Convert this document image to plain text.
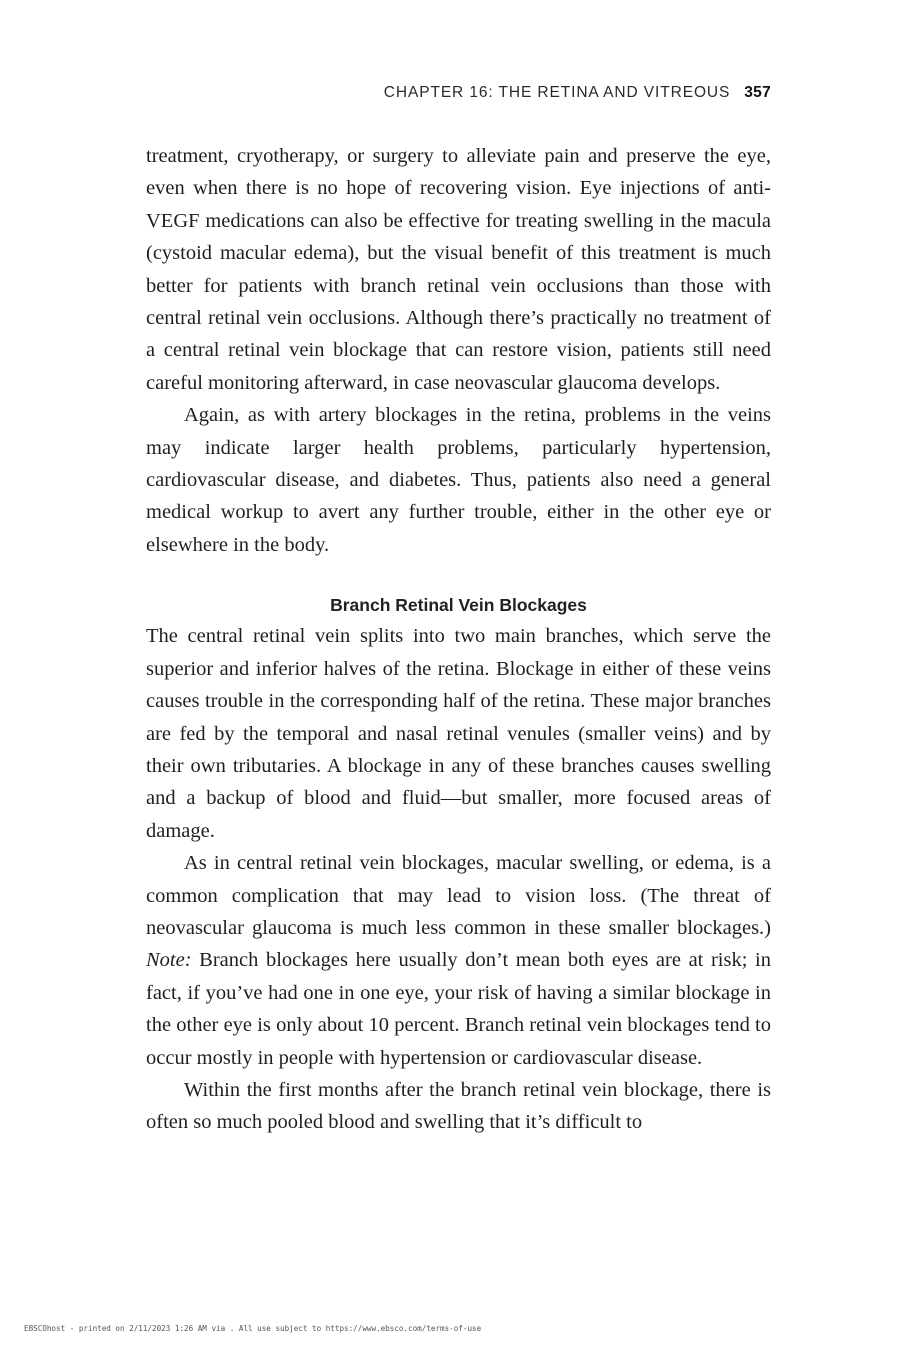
CHAPTER 16: THE RETINA AND VITREOUS 357

treatment, cryotherapy, or surgery to alleviate pain and preserve the eye, even when there is no hope of recovering vision. Eye injections of anti-VEGF medications can also be effective for treating swelling in the macula (cystoid macular edema), but the visual benefit of this treatment is much better for patients with branch retinal vein occlusions than those with central retinal vein occlusions. Although there’s practically no treatment of a central retinal vein blockage that can restore vision, patients still need careful monitoring afterward, in case neovascular glaucoma develops.

Again, as with artery blockages in the retina, problems in the veins may indicate larger health problems, particularly hypertension, cardiovascular disease, and diabetes. Thus, patients also need a general medical workup to avert any further trouble, either in the other eye or elsewhere in the body.

Branch Retinal Vein Blockages

The central retinal vein splits into two main branches, which serve the superior and inferior halves of the retina. Blockage in either of these veins causes trouble in the corresponding half of the retina. These major branches are fed by the temporal and nasal retinal venules (smaller veins) and by their own tributaries. A blockage in any of these branches causes swelling and a backup of blood and fluid—but smaller, more focused areas of damage.

As in central retinal vein blockages, macular swelling, or edema, is a common complication that may lead to vision loss. (The threat of neovascular glaucoma is much less common in these smaller blockages.) Note: Branch blockages here usually don’t mean both eyes are at risk; in fact, if you’ve had one in one eye, your risk of having a similar blockage in the other eye is only about 10 percent. Branch retinal vein blockages tend to occur mostly in people with hypertension or cardiovascular disease.

Within the first months after the branch retinal vein blockage, there is often so much pooled blood and swelling that it’s difficult to

EBSCOhost - printed on 2/11/2023 1:26 AM via . All use subject to https://www.ebsco.com/terms-of-use
